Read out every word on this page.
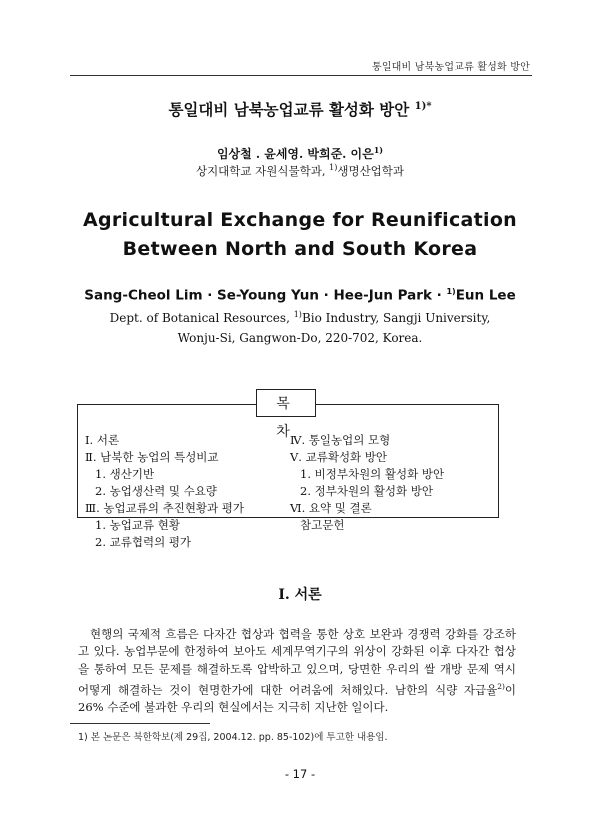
통일대비 남북농업교류 활성화 방안
통일대비 남북농업교류 활성화 방안 $^{1)*}$
임상철 . 윤세영. 박희준. 이은$^{1)}$
상지대학교 자원식물학과, $^{1)}$생명산업학과
Agricultural Exchange for Reunification
Between North and South Korea
Sang-Cheol Lim · Se-Young Yun · Hee-Jun Park · $^{1)}$Eun Lee
Dept. of Botanical Resources, $^{1)}$Bio Industry, Sangji University,
Wonju-Si, Gangwon-Do, 220-702, Korea.
목 차
Ⅰ. 서론
Ⅱ. 남북한 농업의 특성비교
1. 생산기반
2. 농업생산력 및 수요량
Ⅲ. 농업교류의 추진현황과 평가
1. 농업교류 현황
2. 교류협력의 평가
Ⅳ. 통일농업의 모형
Ⅴ. 교류확성화 방안
1. 비정부차원의 활성화 방안
2. 정부차원의 활성화 방안
Ⅵ. 요약 및 결론
참고문헌
Ⅰ. 서론
현행의 국제적 흐름은 다자간 협상과 협력을 통한 상호 보완과 경쟁력 강화를 강조하고 있다. 농업부문에 한정하여 보아도 세계무역기구의 위상이 강화된 이후 다자간 협상을 통하여 모든 문제를 해결하도록 압박하고 있으며, 당면한 우리의 쌀 개방 문제 역시 어떻게 해결하는 것이 현명한가에 대한 어려움에 처해있다. 남한의 식량 자급율$^{2)}$이 26% 수준에 불과한 우리의 현실에서는 지극히 지난한 일이다.
1) 본 논문은 북한학보(제 29집, 2004.12. pp. 85-102)에 투고한 내용임.
- 17 -
